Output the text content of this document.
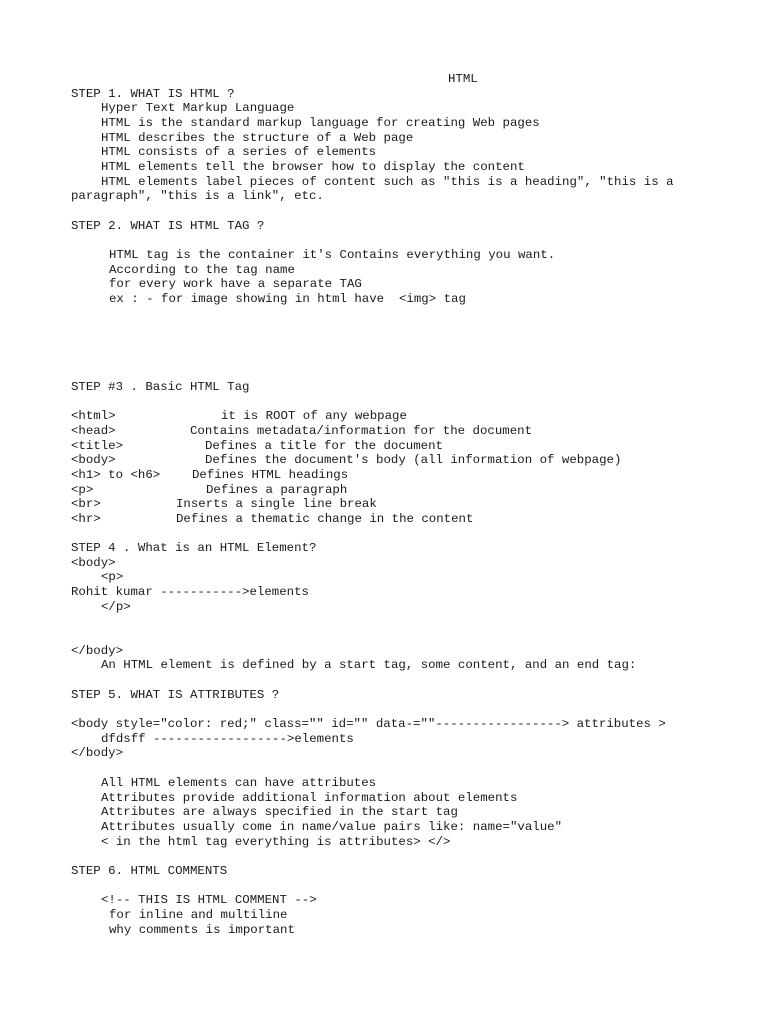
HTML
STEP 1. WHAT IS HTML ?
Hyper Text Markup Language
HTML is the standard markup language for creating Web pages
HTML describes the structure of a Web page
HTML consists of a series of elements
HTML elements tell the browser how to display the content
HTML elements label pieces of content such as "this is a heading", "this is a
paragraph", "this is a link", etc.
STEP 2. WHAT IS HTML TAG ?
HTML tag is the container it's Contains everything you want.
According to the tag name
for every work have a separate TAG
ex : - for image showing in html have  <img> tag
STEP #3 . Basic HTML Tag
<html>	it is ROOT of any webpage
<head>	Contains metadata/information for the document
<title>	Defines a title for the document
<body>	Defines the document's body (all information of webpage)
<h1> to <h6>	Defines HTML headings
<p>	Defines a paragraph
<br>	Inserts a single line break
<hr>	Defines a thematic change in the content
STEP 4 . What is an HTML Element?
<body>
<p>
Rohit kumar ----------->elements
</p>
</body>
An HTML element is defined by a start tag, some content, and an end tag:
STEP 5. WHAT IS ATTRIBUTES ?
<body style="color: red;" class="" id="" data-=""-----------------> attributes >
dfdsff ------------------>elements
</body>
All HTML elements can have attributes
Attributes provide additional information about elements
Attributes are always specified in the start tag
Attributes usually come in name/value pairs like: name="value"
< in the html tag everything is attributes> </>
STEP 6. HTML COMMENTS
<!-- THIS IS HTML COMMENT -->
for inline and multiline
why comments is important
